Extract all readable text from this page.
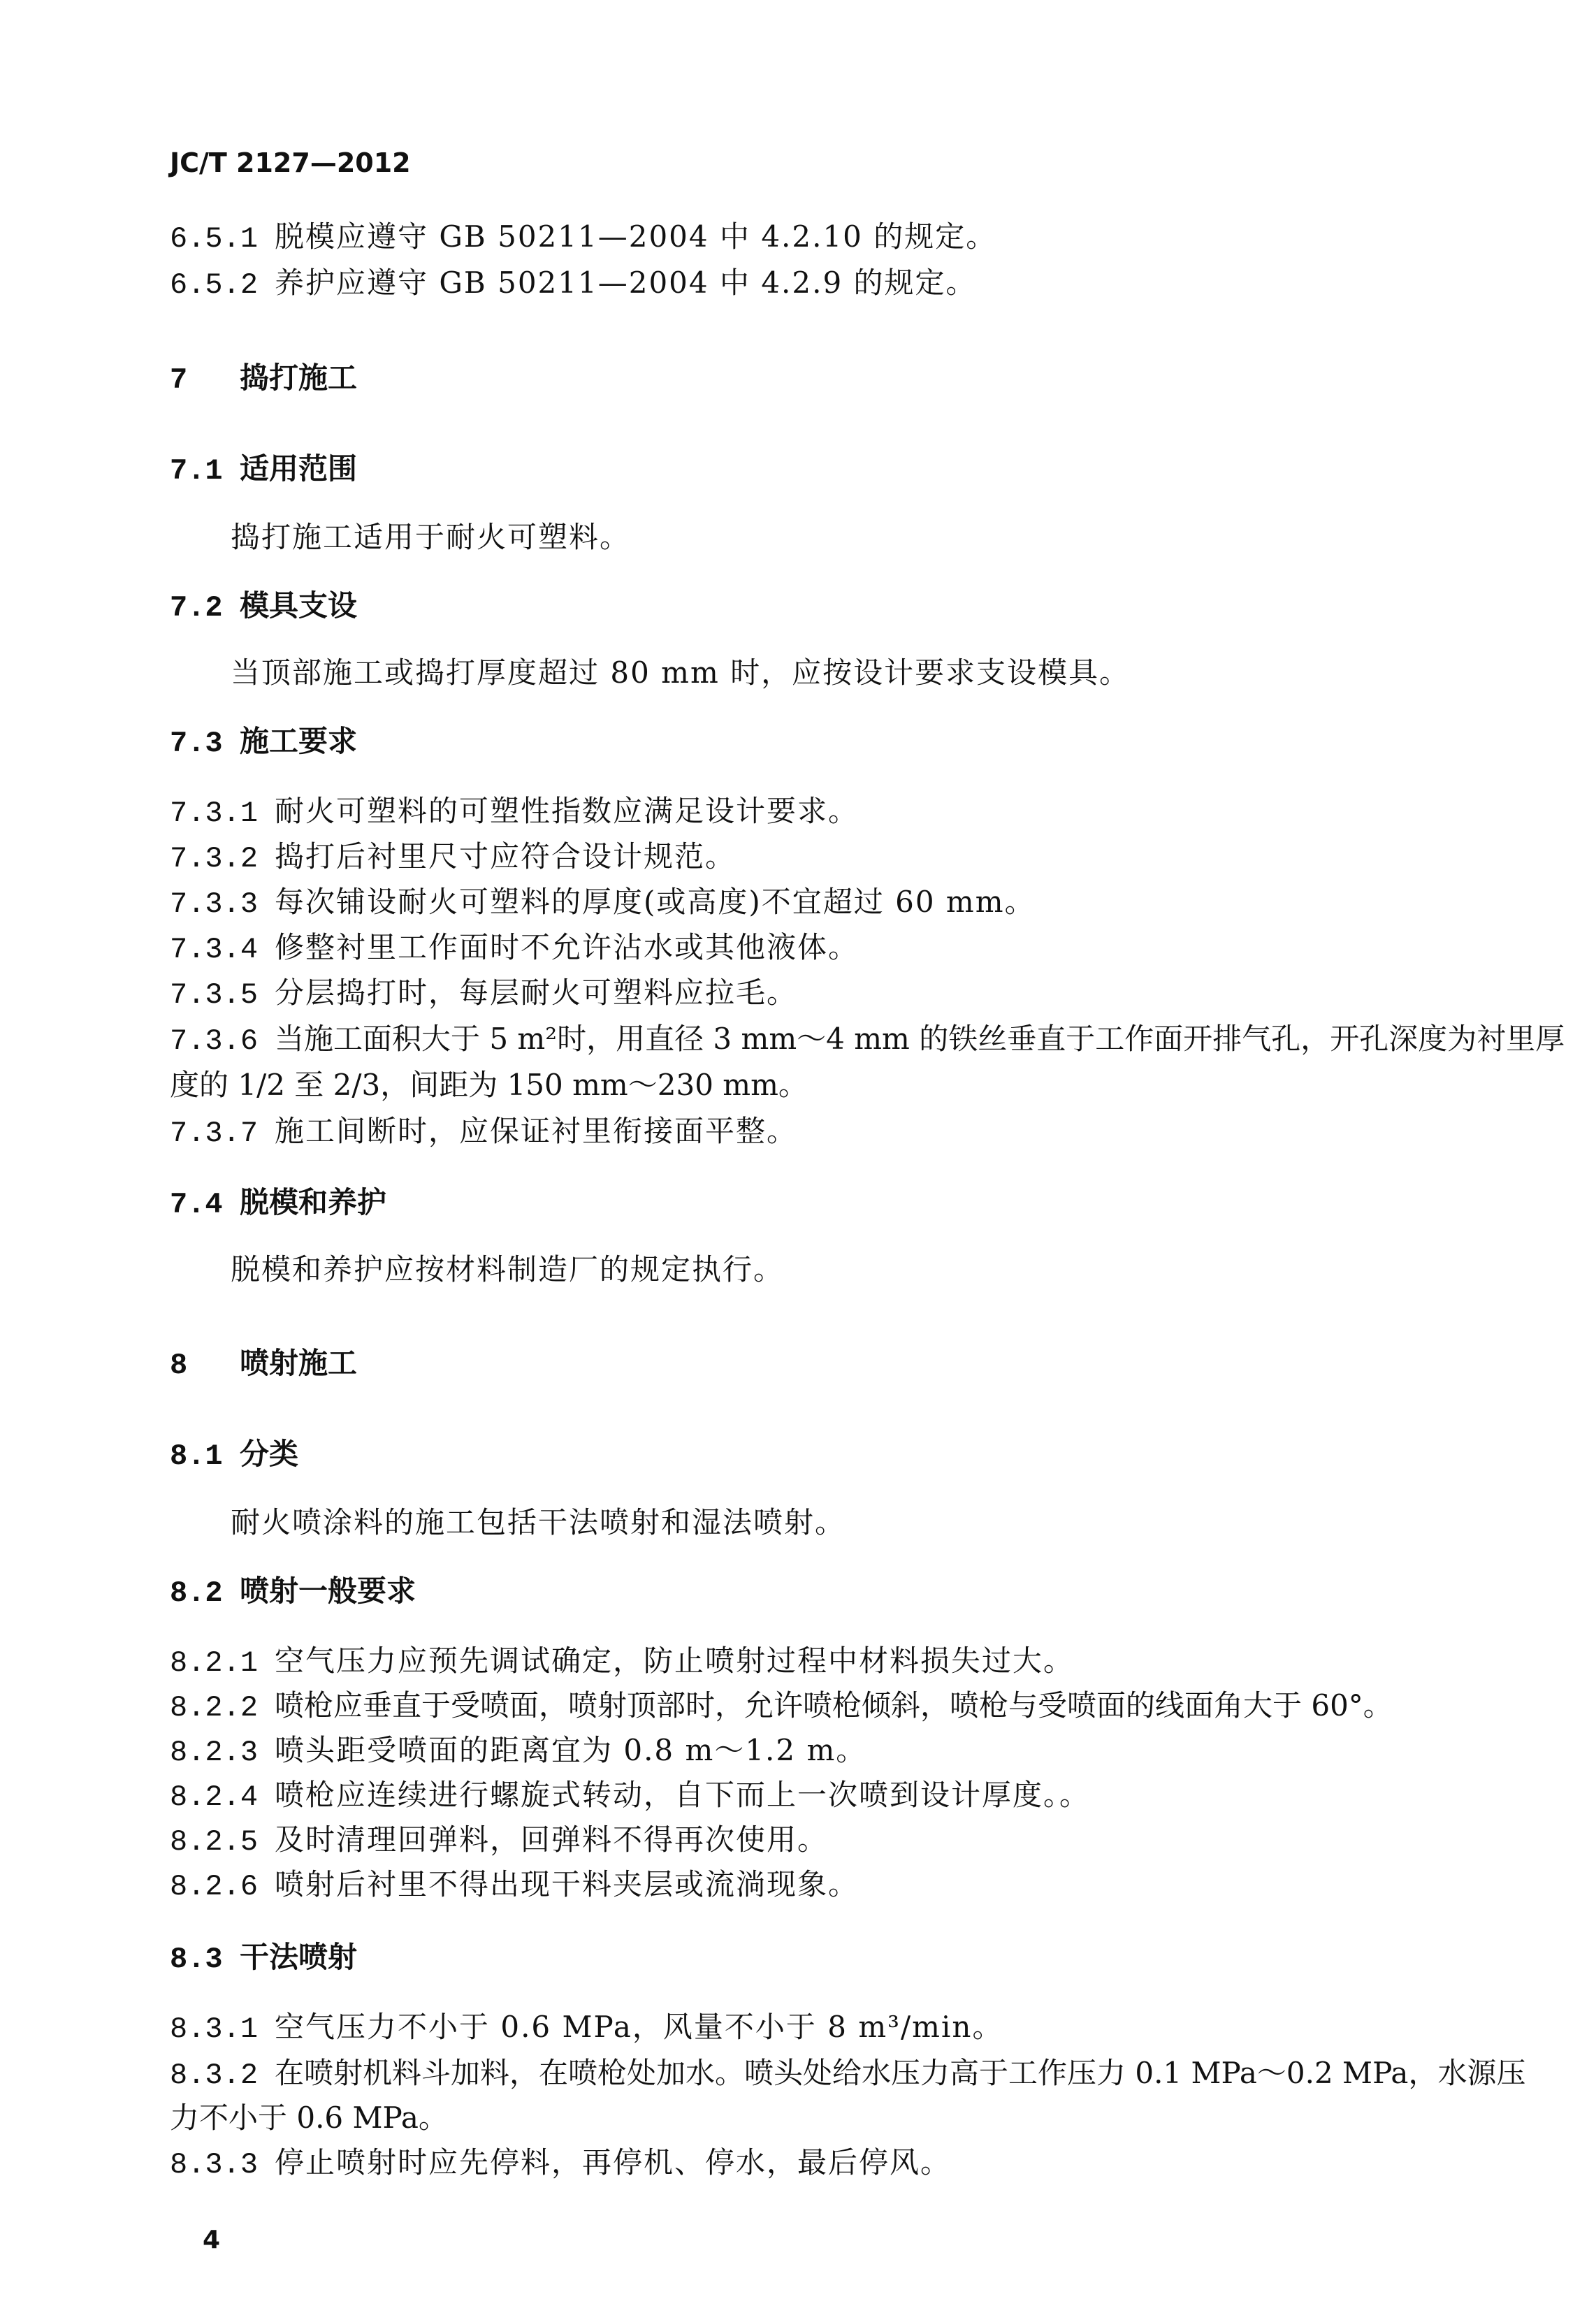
JC/T 2127—2012
6.5.1 脱模应遵守 GB 50211—2004 中 4.2.10 的规定。
6.5.2 养护应遵守 GB 50211—2004 中 4.2.9 的规定。
7 捣打施工
7.1 适用范围
捣打施工适用于耐火可塑料。
7.2 模具支设
当顶部施工或捣打厚度超过 80 mm 时，应按设计要求支设模具。
7.3 施工要求
7.3.1 耐火可塑料的可塑性指数应满足设计要求。
7.3.2 捣打后衬里尺寸应符合设计规范。
7.3.3 每次铺设耐火可塑料的厚度(或高度)不宜超过 60 mm。
7.3.4 修整衬里工作面时不允许沾水或其他液体。
7.3.5 分层捣打时，每层耐火可塑料应拉毛。
7.3.6 当施工面积大于 5 m²时，用直径 3 mm～4 mm 的铁丝垂直于工作面开排气孔，开孔深度为衬里厚
度的 1/2 至 2/3，间距为 150 mm～230 mm。
7.3.7 施工间断时，应保证衬里衔接面平整。
7.4 脱模和养护
脱模和养护应按材料制造厂的规定执行。
8 喷射施工
8.1 分类
耐火喷涂料的施工包括干法喷射和湿法喷射。
8.2 喷射一般要求
8.2.1 空气压力应预先调试确定，防止喷射过程中材料损失过大。
8.2.2 喷枪应垂直于受喷面，喷射顶部时，允许喷枪倾斜，喷枪与受喷面的线面角大于 60°。
8.2.3 喷头距受喷面的距离宜为 0.8 m～1.2 m。
8.2.4 喷枪应连续进行螺旋式转动，自下而上一次喷到设计厚度。。
8.2.5 及时清理回弹料，回弹料不得再次使用。
8.2.6 喷射后衬里不得出现干料夹层或流淌现象。
8.3 干法喷射
8.3.1 空气压力不小于 0.6 MPa，风量不小于 8 m³/min。
8.3.2 在喷射机料斗加料，在喷枪处加水。喷头处给水压力高于工作压力 0.1 MPa～0.2 MPa，水源压
力不小于 0.6 MPa。
8.3.3 停止喷射时应先停料，再停机、停水，最后停风。
4
